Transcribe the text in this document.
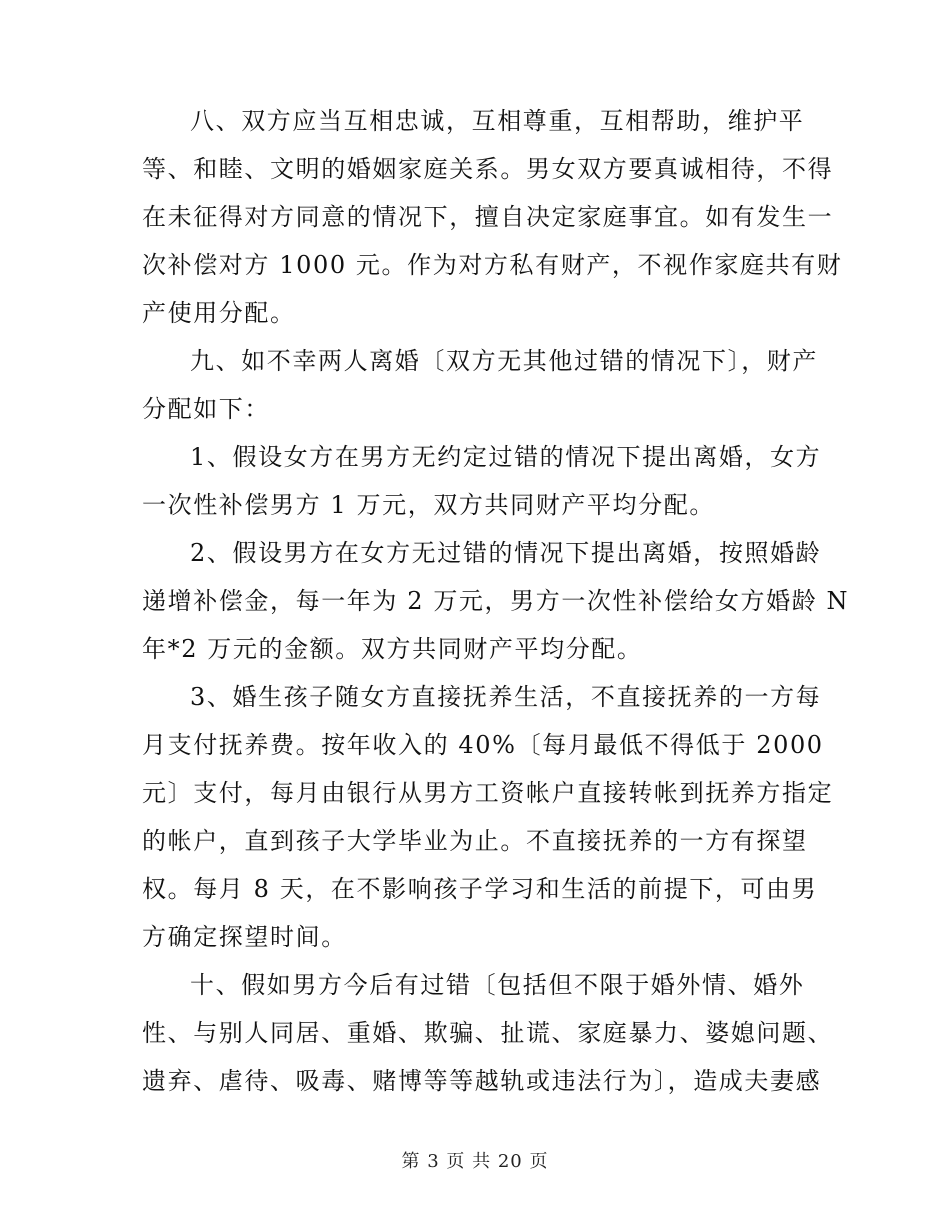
八、双方应当互相忠诚，互相尊重，互相帮助，维护平
等、和睦、文明的婚姻家庭关系。男女双方要真诚相待，不得
在未征得对方同意的情况下，擅自决定家庭事宜。如有发生一
次补偿对方 1000 元。作为对方私有财产，不视作家庭共有财
产使用分配。
九、如不幸两人离婚〔双方无其他过错的情况下〕，财产
分配如下：
1、假设女方在男方无约定过错的情况下提出离婚，女方
一次性补偿男方 1 万元，双方共同财产平均分配。
2、假设男方在女方无过错的情况下提出离婚，按照婚龄
递增补偿金，每一年为 2 万元，男方一次性补偿给女方婚龄 N
年*2 万元的金额。双方共同财产平均分配。
3、婚生孩子随女方直接抚养生活，不直接抚养的一方每
月支付抚养费。按年收入的 40%〔每月最低不得低于 2000
元〕支付，每月由银行从男方工资帐户直接转帐到抚养方指定
的帐户，直到孩子大学毕业为止。不直接抚养的一方有探望
权。每月 8 天，在不影响孩子学习和生活的前提下，可由男
方确定探望时间。
十、假如男方今后有过错〔包括但不限于婚外情、婚外
性、与别人同居、重婚、欺骗、扯谎、家庭暴力、婆媳问题、
遗弃、虐待、吸毒、赌博等等越轨或违法行为〕，造成夫妻感
第 3 页 共 20 页
